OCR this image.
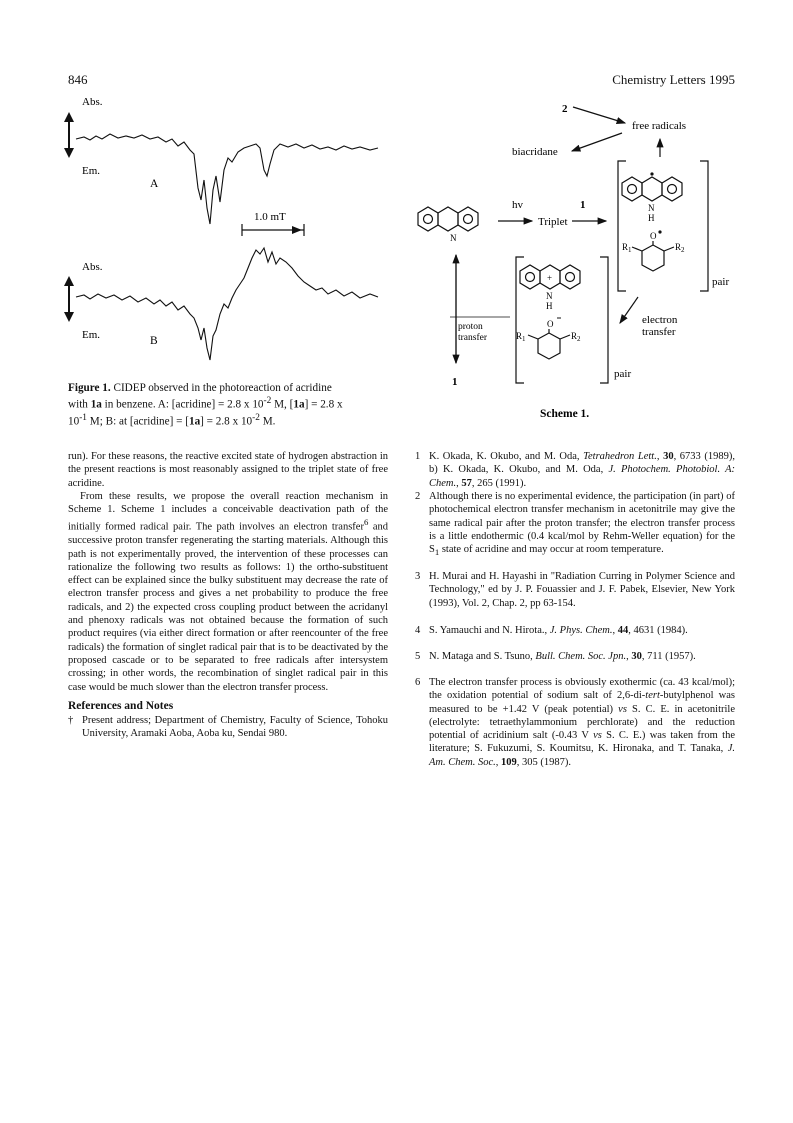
846	Chemistry Letters 1995
Abs.
Em.
A
1.0 mT
Abs.
Em.	B
Figure 1. CIDEP observed in the photoreaction of acridine
with 1a in benzene. A: [acridine] = 2.8 x $10^{-2}$ M, [1a] = 2.8 x
$10^{-1}$ M; B: at [acridine] = [1a] = 2.8 x $10^{-2}$ M.
2
free radicals
biacridane
N
hv
Triplet
1	N
H
O
$R_1$	$R_2$
pair
electron
transfer
proton
transfer
+
N
H
O
$R_1$	$R_2$
pair
1
Scheme 1.

run). For these reasons, the reactive excited state of hydrogen abstraction in the present reactions is most reasonably assigned to the triplet state of free acridine.

From these results, we propose the overall reaction mechanism in Scheme 1. Scheme 1 includes a conceivable deactivation path of the initially formed radical pair. The path involves an electron transfer$^6$ and successive proton transfer regenerating the starting materials. Although this path is not experimentally proved, the intervention of these processes can rationalize the following two results as follows: 1) the ortho-substituent effect can be explained since the bulky substituent may decrease the rate of electron transfer process and gives a net probability to produce the free radicals, and 2) the expected cross coupling product between the acridanyl and phenoxy radicals was not obtained because the formation of such product requires (via either direct formation or after reencounter of the free radicals) the formation of singlet radical pair that is to be deactivated by the proposed cascade or to be separated to free radicals after intersystem crossing; in other words, the recombination of singlet radical pair in this case would be much slower than the electron transfer process.

References and Notes
† Present address; Department of Chemistry, Faculty of Science, Tohoku University, Aramaki Aoba, Aoba ku, Sendai 980.
1 K. Okada, K. Okubo, and M. Oda, Tetrahedron Lett., 30, 6733 (1989), b) K. Okada, K. Okubo, and M. Oda, J. Photochem. Photobiol. A: Chem., 57, 265 (1991).
2 Although there is no experimental evidence, the participation (in part) of photochemical electron transfer mechanism in acetonitrile may give the same radical pair after the proton transfer; the electron transfer process is a little endothermic (0.4 kcal/mol by Rehm-Weller equation) for the $S_1$ state of acridine and may occur at room temperature.
3 H. Murai and H. Hayashi in "Radiation Curring in Polymer Science and Technology," ed by J. P. Fouassier and J. F. Pabek, Elsevier, New York (1993), Vol. 2, Chap. 2, pp 63-154.
4 S. Yamauchi and N. Hirota., J. Phys. Chem., 44, 4631 (1984).
5 N. Mataga and S. Tsuno, Bull. Chem. Soc. Jpn., 30, 711 (1957).
6 The electron transfer process is obviously exothermic (ca. 43 kcal/mol); the oxidation potential of sodium salt of 2,6-di-tert-butylphenol was measured to be +1.42 V (peak potential) vs S. C. E. in acetonitrile (electrolyte: tetraethylammonium perchlorate) and the reduction potential of acridinium salt (-0.43 V vs S. C. E.) was taken from the literature; S. Fukuzumi, S. Koumitsu, K. Hironaka, and T. Tanaka, J. Am. Chem. Soc., 109, 305 (1987).
